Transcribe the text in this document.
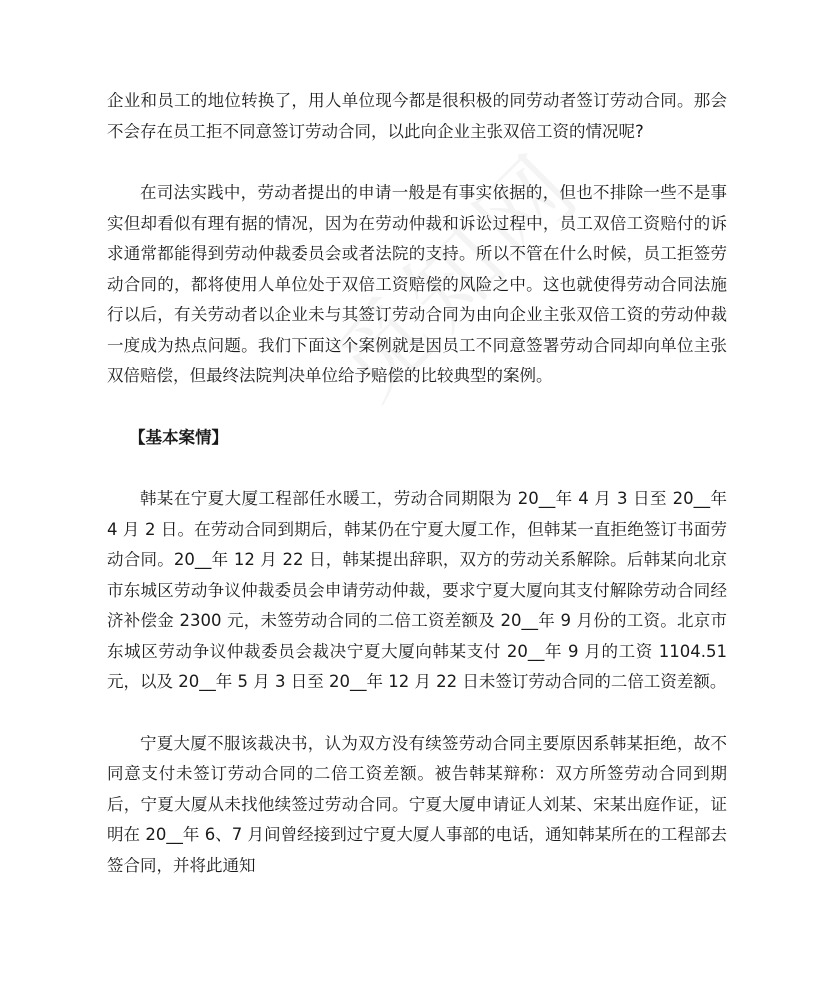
企业和员工的地位转换了，用人单位现今都是很积极的同劳动者签订劳动合同。那会不会存在员工拒不同意签订劳动合同，以此向企业主张双倍工资的情况呢?

在司法实践中，劳动者提出的申请一般是有事实依据的，但也不排除一些不是事实但却看似有理有据的情况，因为在劳动仲裁和诉讼过程中，员工双倍工资赔付的诉求通常都能得到劳动仲裁委员会或者法院的支持。所以不管在什么时候，员工拒签劳动合同的，都将使用人单位处于双倍工资赔偿的风险之中。这也就使得劳动合同法施行以后，有关劳动者以企业未与其签订劳动合同为由向企业主张双倍工资的劳动仲裁一度成为热点问题。我们下面这个案例就是因员工不同意签署劳动合同却向单位主张双倍赔偿，但最终法院判决单位给予赔偿的比较典型的案例。

【基本案情】

韩某在宁夏大厦工程部任水暖工，劳动合同期限为 20__年 4 月 3 日至 20__年 4 月 2 日。在劳动合同到期后，韩某仍在宁夏大厦工作，但韩某一直拒绝签订书面劳动合同。20__年 12 月 22 日，韩某提出辞职，双方的劳动关系解除。后韩某向北京市东城区劳动争议仲裁委员会申请劳动仲裁，要求宁夏大厦向其支付解除劳动合同经济补偿金 2300 元，未签劳动合同的二倍工资差额及 20__年 9 月份的工资。北京市东城区劳动争议仲裁委员会裁决宁夏大厦向韩某支付 20__年 9 月的工资 1104.51 元，以及 20__年 5 月 3 日至 20__年 12 月 22 日未签订劳动合同的二倍工资差额。

宁夏大厦不服该裁决书，认为双方没有续签劳动合同主要原因系韩某拒绝，故不同意支付未签订劳动合同的二倍工资差额。被告韩某辩称：双方所签劳动合同到期后，宁夏大厦从未找他续签过劳动合同。宁夏大厦申请证人刘某、宋某出庭作证，证明在 20__年 6、7 月间曾经接到过宁夏大厦人事部的电话，通知韩某所在的工程部去签合同，并将此通知
